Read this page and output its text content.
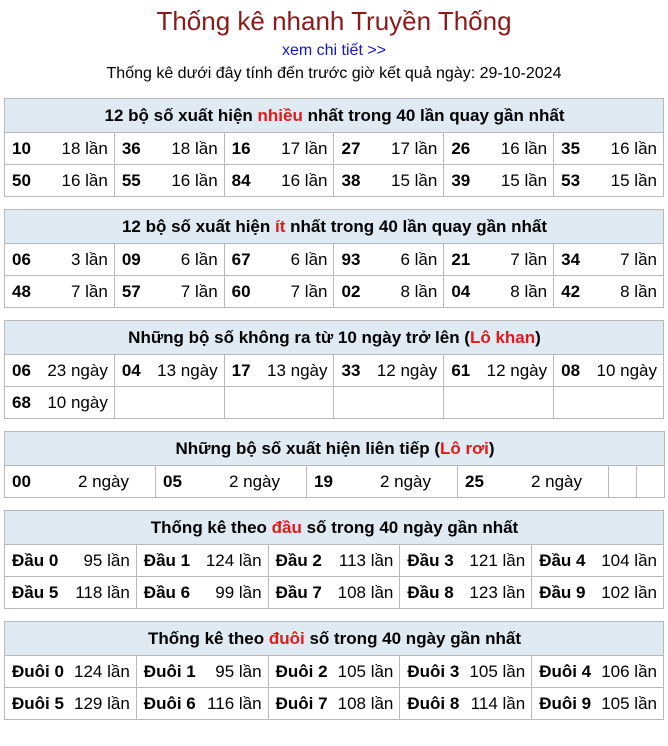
Thống kê nhanh Truyền Thống
xem chi tiết >>
Thống kê dưới đây tính đến trước giờ kết quả ngày: 29-10-2024
12 bộ số xuất hiện nhiều nhất trong 40 lần quay gần nhất					
10 18 lần	36 18 lần	16 17 lần	27 17 lần	26 16 lần	35 16 lần

50 16 lần	55 16 lần	84 16 lần	38 15 lần	39 15 lần	53 15 lần
12 bộ số xuất hiện ít nhất trong 40 lần quay gần nhất					
06 3 lần	09 6 lần	67 6 lần	93 6 lần	21 7 lần	34 7 lần

48 7 lần	57 7 lần	60 7 lần	02 8 lần	04 8 lần	42 8 lần
Những bộ số không ra từ 10 ngày trở lên (Lô khan)					
06 23 ngày	04 13 ngày	17 13 ngày	33 12 ngày	61 12 ngày	08 10 ngày

68 10 ngày					

Những bộ số xuất hiện liên tiếp (Lô rơi)
00	2 ngày	05	2 ngày	19	2 ngày	25	2 ngày

Thống kê theo đầu số trong 40 ngày gần nhất				
Đầu 0 95 lần	Đầu 1 124 lần	Đầu 2 113 lần	Đầu 3 121 lần	Đầu 4 104 lần

Đầu 5 118 lần	Đầu 6 99 lần	Đầu 7 108 lần	Đầu 8 123 lần	Đầu 9 102 lần
Thống kê theo đuôi số trong 40 ngày gần nhất				
Đuôi 0 124 lần	Đuôi 1 95 lần	Đuôi 2 105 lần	Đuôi 3 105 lần	Đuôi 4 106 lần

Đuôi 5 129 lần	Đuôi 6 116 lần	Đuôi 7 108 lần	Đuôi 8 114 lần	Đuôi 9 105 lần
